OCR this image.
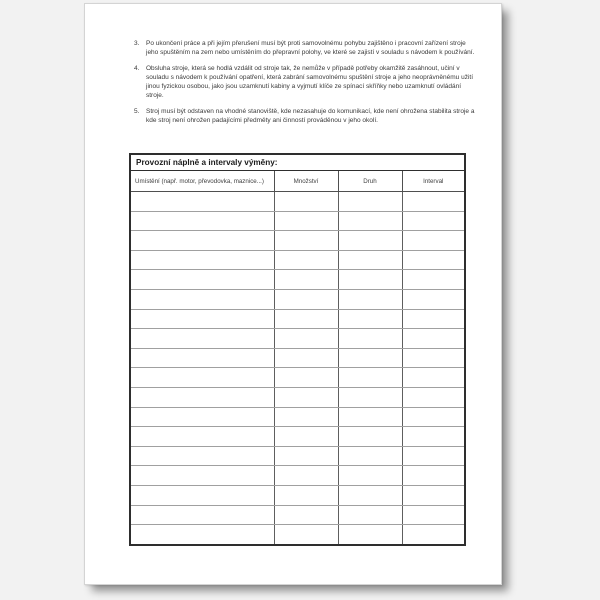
3.	Po ukončení práce a při jejím přerušení musí být proti samovolnému pohybu zajištěno i pracovní zařízení stroje jeho spuštěním na zem nebo umístěním do přepravní polohy, ve které se zajistí v souladu s návodem k používání.
4.	Obsluha stroje, která se hodlá vzdálit od stroje tak, že nemůže v případě potřeby okamžitě zasáhnout, učiní v souladu s návodem k používání opatření, která zabrání samovolnému spuštění stroje a jeho neoprávněnému užití jinou fyzickou osobou, jako jsou uzamknutí kabiny a vyjmutí klíče ze spínací skříňky nebo uzamknutí ovládání stroje.
5.	Stroj musí být odstaven na vhodné stanoviště, kde nezasahuje do komunikací, kde není ohrožena stabilita stroje a kde stroj není ohrožen padajícími předměty ani činností prováděnou v jeho okolí.
Provozní náplně a intervaly výměny:			
Umístění (např. motor, převodovka, maznice...)	Množství	Druh	Interval
